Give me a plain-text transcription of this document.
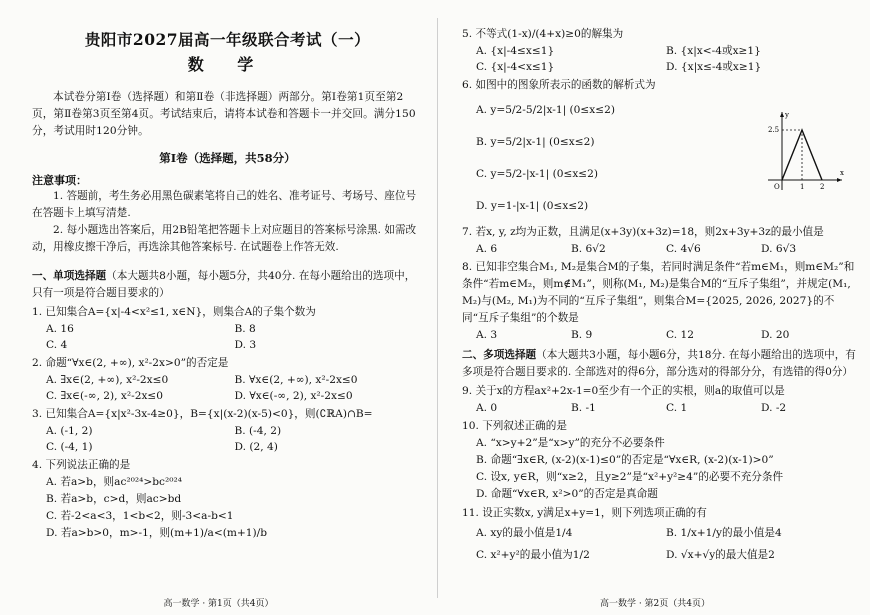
贵阳市2027届高一年级联合考试（一）
数 学
本试卷分第Ⅰ卷（选择题）和第Ⅱ卷（非选择题）两部分。第Ⅰ卷第1页至第2页，第Ⅱ卷第3页至第4页。考试结束后，请将本试卷和答题卡一并交回。满分150分，考试用时120分钟。
第Ⅰ卷（选择题，共58分）
注意事项：
1. 答题前，考生务必用黑色碳素笔将自己的姓名、准考证号、考场号、座位号在答题卡上填写清楚.
2. 每小题选出答案后，用2B铅笔把答题卡上对应题目的答案标号涂黑. 如需改动，用橡皮擦干净后，再选涂其他答案标号. 在试题卷上作答无效.
一、单项选择题（本大题共8小题，每小题5分，共40分. 在每小题给出的选项中，只有一项是符合题目要求的）
1. 已知集合A={x|-4<x²≤1, x∈N}，则集合A的子集个数为
A. 16	B. 8
C. 4	D. 3
2. 命题“∀x∈(2, +∞), x²-2x>0”的否定是
A. ∃x∈(2, +∞), x²-2x≤0	B. ∀x∈(2, +∞), x²-2x≤0
C. ∃x∈(-∞, 2), x²-2x≤0	D. ∀x∈(-∞, 2), x²-2x≤0
3. 已知集合A={x|x²-3x-4≥0}，B={x|(x-2)(x-5)<0}，则(∁ℝA)∩B=
A. (-1, 2)	B. (-4, 2)
C. (-4, 1)	D. (2, 4)
4. 下列说法正确的是
A. 若a>b，则ac²⁰²⁴>bc²⁰²⁴
B. 若a>b，c>d，则ac>bd
C. 若-2<a<3，1<b<2，则-3<a-b<1
D. 若a>b>0，m>-1，则(m+1)/a<(m+1)/b
高一数学 · 第1页（共4页）
5. 不等式(1-x)/(4+x)≥0的解集为
A. {x|-4≤x≤1}	B. {x|x<-4或x≥1}
C. {x|-4<x≤1}	D. {x|x≤-4或x≥1}
6. 如图中的图象所表示的函数的解析式为
A. y=5/2-5/2|x-1| (0≤x≤2)
B. y=5/2|x-1| (0≤x≤2)
C. y=5/2-|x-1| (0≤x≤2)
D. y=1-|x-1| (0≤x≤2)
y
x
O	1 2
2.5
7. 若x, y, z均为正数，且满足(x+3y)(x+3z)=18，则2x+3y+3z的最小值是
A. 6	B. 6√2	C. 4√6	D. 6√3
8. 已知非空集合M₁, M₂是集合M的子集，若同时满足条件“若m∈M₁，则m∈M₂”和条件“若m∈M₂，则m∉M₁”，则称(M₁, M₂)是集合M的“互斥子集组”，并规定(M₁, M₂)与(M₂, M₁)为不同的“互斥子集组”，则集合M={2025, 2026, 2027}的不同“互斥子集组”的个数是
A. 3	B. 9	C. 12	D. 20
二、多项选择题（本大题共3小题，每小题6分，共18分. 在每小题给出的选项中，有多项是符合题目要求的. 全部选对的得6分，部分选对的得部分分，有选错的得0分）
9. 关于x的方程ax²+2x-1=0至少有一个正的实根，则a的取值可以是
A. 0	B. -1	C. 1	D. -2
10. 下列叙述正确的是
A. “x>y+2”是“x>y”的充分不必要条件
B. 命题“∃x∈R, (x-2)(x-1)≤0”的否定是“∀x∈R, (x-2)(x-1)>0”
C. 设x, y∈R，则“x≥2，且y≥2”是“x²+y²≥4”的必要不充分条件
D. 命题“∀x∈R, x²>0”的否定是真命题
11. 设正实数x, y满足x+y=1，则下列选项正确的有
A. xy的最小值是1/4	B. 1/x+1/y的最小值是4
C. x²+y²的最小值为1/2	D. √x+√y的最大值是2
高一数学 · 第2页（共4页）
